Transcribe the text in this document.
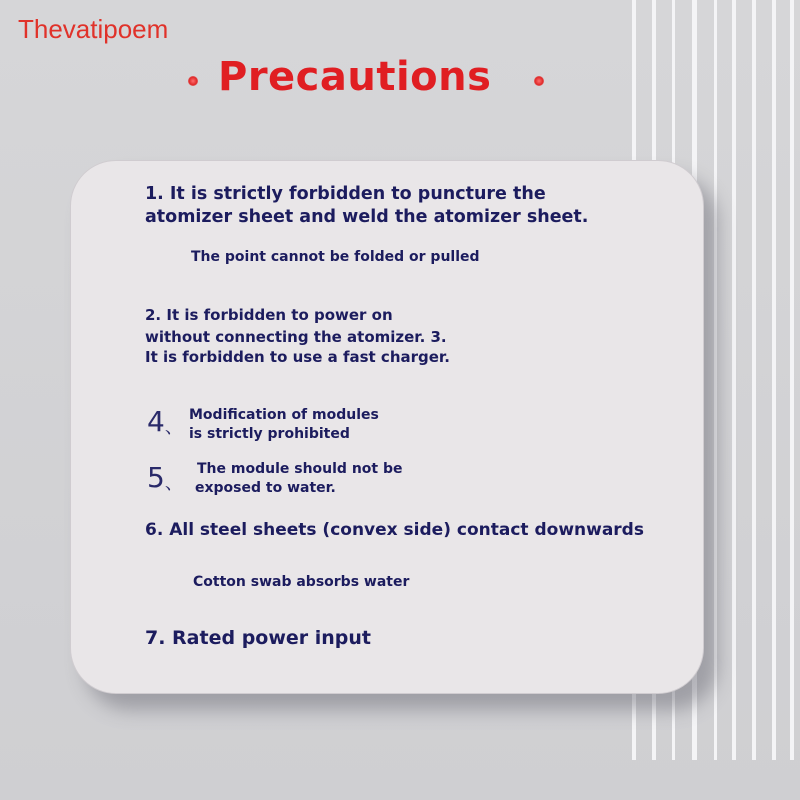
Thevatipoem
Precautions
1. It is strictly forbidden to puncture the
atomizer sheet and weld the atomizer sheet.
The point cannot be folded or pulled
2. It is forbidden to power on
without connecting the atomizer. 3.
It is forbidden to use a fast charger.
4、
Modification of modules
is strictly prohibited
5、
The module should not be
exposed to water.
6. All steel sheets (convex side) contact downwards
Cotton swab absorbs water
7. Rated power input
